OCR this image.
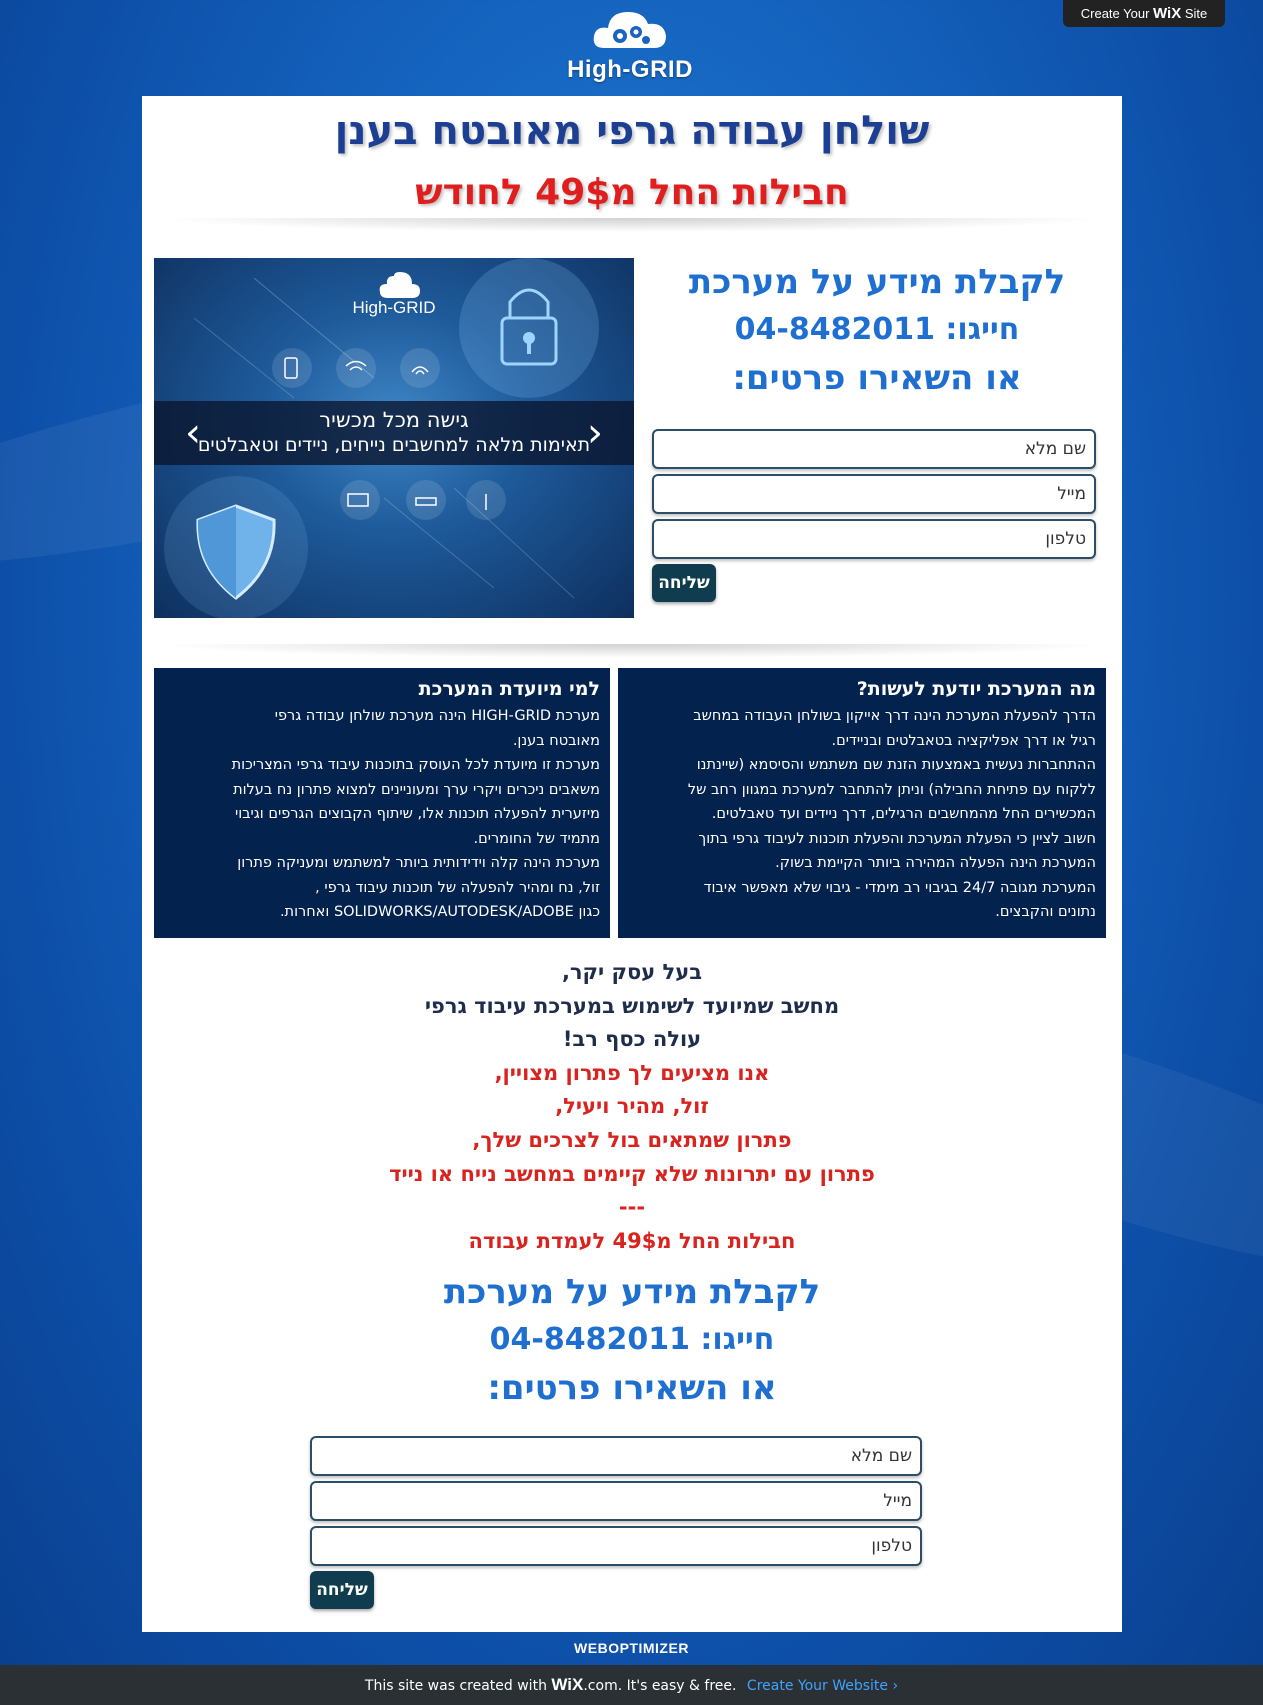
High-GRID
Create Your WiX Site
שולחן עבודה גרפי מאובטח בענן
חבילות החל מ49$ לחודש
High-GRID
גישה מכל מכשיר
תאימות מלאה למחשבים נייחים, ניידים וטאבלטים
‹	›
לקבלת מידע על מערכת
חייגו: 04-8482011
או השאירו פרטים:
שם מלא
מייל
טלפון
שליחה
מה המערכת יודעת לעשות?
הדרך להפעלת המערכת הינה דרך אייקון בשולחן העבודה במחשב
רגיל או דרך אפליקציה בטאבלטים ובניידים.
ההתחברות נעשית באמצעות הזנת שם משתמש והסיסמא (שיינתנו
ללקוח עם פתיחת החבילה) וניתן להתחבר למערכת במגוון רחב של
המכשירים החל מהמחשבים הרגילים, דרך ניידים ועד טאבלטים.
חשוב לציין כי הפעלת המערכת והפעלת תוכנות לעיבוד גרפי בתוך
המערכת הינה הפעלה המהירה ביותר הקיימת בשוק.
המערכת מגובה 24/7 בגיבוי רב מימדי - גיבוי שלא מאפשר איבוד
נתונים והקבצים.
למי מיועדת המערכת
מערכת HIGH-GRID הינה מערכת שולחן עבודה גרפי
מאובטח בענן.
מערכת זו מיועדת לכל העוסק בתוכנות עיבוד גרפי המצריכות
משאבים ניכרים ויקרי ערך ומעוניינים למצוא פתרון נח בעלות
מיזערית להפעלה תוכנות אלו, שיתוף הקבוצים הגרפים וגיבוי
מתמיד של החומרים.
מערכת הינה קלה וידידותית ביותר למשתמש ומעניקה פתרון
זול, נח ומהיר להפעלה של תוכנות עיבוד גרפי ,
כגון SOLIDWORKS/AUTODESK/ADOBE ואחרות.
בעל עסק יקר,
מחשב שמיועד לשימוש במערכת עיבוד גרפי
עולה כסף רב!
אנו מציעים לך פתרון מצויין,
זול, מהיר ויעיל,
פתרון שמתאים בול לצרכים שלך,
פתרון עם יתרונות שלא קיימים במחשב נייח או נייד
---
חבילות החל מ49$ לעמדת עבודה
לקבלת מידע על מערכת
חייגו: 04-8482011
או השאירו פרטים:
שם מלא
מייל
טלפון
שליחה
WEBOPTIMIZER
This site was created with WiX.com. It's easy & free. Create Your Website ›
